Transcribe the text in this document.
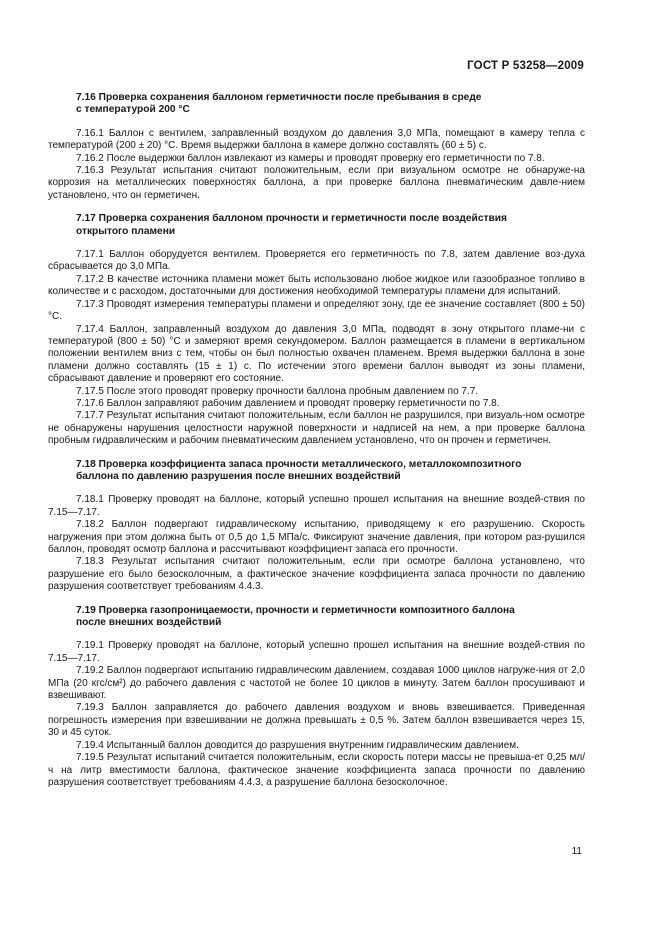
ГОСТ Р 53258—2009
7.16 Проверка сохранения баллоном герметичности после пребывания в среде
с температурой 200 °С

7.16.1 Баллон с вентилем, заправленный воздухом до давления 3,0 МПа, помещают в камеру тепла с температурой (200 ± 20) °С. Время выдержки баллона в камере должно составлять (60 ± 5) с.

7.16.2 После выдержки баллон извлекают из камеры и проводят проверку его герметичности по 7.8.

7.16.3 Результат испытания считают положительным, если при визуальном осмотре не обнаруже-на коррозия на металлических поверхностях баллона, а при проверке баллона пневматическим давле-нием установлено, что он герметичен.

7.17 Проверка сохранения баллоном прочности и герметичности после воздействия
открытого пламени

7.17.1 Баллон оборудуется вентилем. Проверяется его герметичность по 7.8, затем давление воз-духа сбрасывается до 3,0 МПа.

7.17.2 В качестве источника пламени может быть использовано любое жидкое или газообразное топливо в количестве и с расходом, достаточными для достижения необходимой температуры пламени для испытаний.

7.17.3 Проводят измерения температуры пламени и определяют зону, где ее значение составляет (800 ± 50) °С.

7.17.4 Баллон, заправленный воздухом до давления 3,0 МПа, подводят в зону открытого пламе-ни с температурой (800 ± 50) °С и замеряют время секундомером. Баллон размещается в пламени в вертикальном положении вентилем вниз с тем, чтобы он был полностью охвачен пламенем. Время выдержки баллона в зоне пламени должно составлять (15 ± 1) с. По истечении этого времени баллон выводят из зоны пламени, сбрасывают давление и проверяют его состояние.

7.17.5 После этого проводят проверку прочности баллона пробным давлением по 7.7.

7.17.6 Баллон заправляют рабочим давлением и проводят проверку герметичности по 7.8.

7.17.7 Результат испытания считают положительным, если баллон не разрушился, при визуаль-ном осмотре не обнаружены нарушения целостности наружной поверхности и надписей на нем, а при проверке баллона пробным гидравлическим и рабочим пневматическим давлением установлено, что он прочен и герметичен.

7.18 Проверка коэффициента запаса прочности металлического, металлокомпозитного
баллона по давлению разрушения после внешних воздействий

7.18.1 Проверку проводят на баллоне, который успешно прошел испытания на внешние воздей-ствия по 7.15—7.17.

7.18.2 Баллон подвергают гидравлическому испытанию, приводящему к его разрушению. Скорость нагружения при этом должна быть от 0,5 до 1,5 МПа/с. Фиксируют значение давления, при котором раз-рушился баллон, проводят осмотр баллона и рассчитывают коэффициент запаса его прочности.

7.18.3 Результат испытания считают положительным, если при осмотре баллона установлено, что разрушение его было безосколочным, а фактическое значение коэффициента запаса прочности по давлению разрушения соответствует требованиям 4.4.3.

7.19 Проверка газопроницаемости, прочности и герметичности композитного баллона
после внешних воздействий

7.19.1 Проверку проводят на баллоне, который успешно прошел испытания на внешние воздей-ствия по 7.15—7.17.

7.19.2 Баллон подвергают испытанию гидравлическим давлением, создавая 1000 циклов нагруже-ния от 2,0 МПа (20 кгс/см²) до рабочего давления с частотой не более 10 циклов в минуту. Затем баллон просушивают и взвешивают.

7.19.3 Баллон заправляется до рабочего давления воздухом и вновь взвешивается. Приведенная погрешность измерения при взвешивании не должна превышать ± 0,5 %. Затем баллон взвешивается через 15, 30 и 45 суток.

7.19.4 Испытанный баллон доводится до разрушения внутренним гидравлическим давлением.

7.19.5 Результат испытаний считается положительным, если скорость потери массы не превыша-ет 0,25 мл/ч на литр вместимости баллона, фактическое значение коэффициента запаса прочности по давлению разрушения соответствует требованиям 4.4.3, а разрушение баллона безосколочное.

11
